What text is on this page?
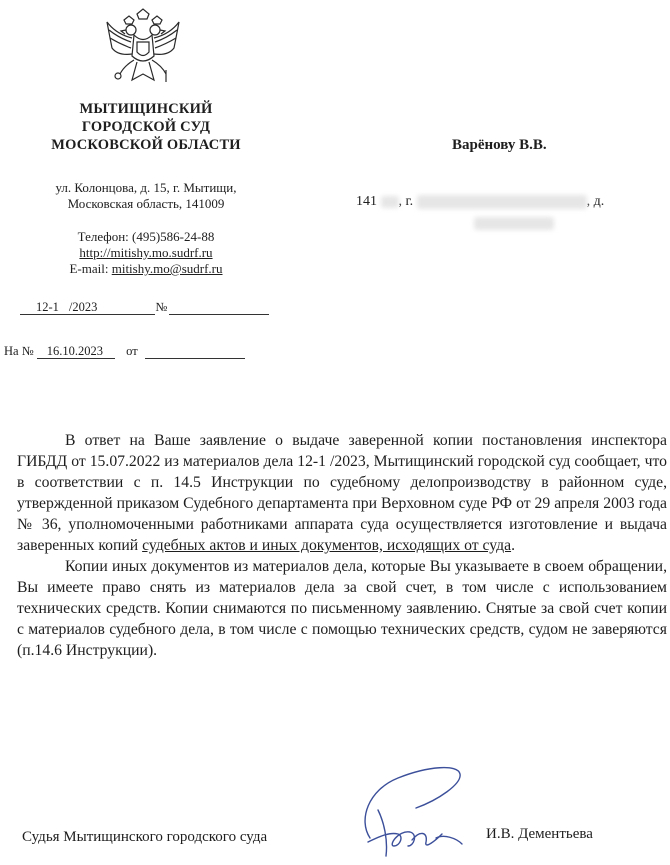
МЫТИЩИНСКИЙ
ГОРОДСКОЙ СУД
МОСКОВСКОЙ ОБЛАСТИ
ул. Колонцова, д. 15, г. Мытищи,
Московская область, 141009
Телефон: (495)586-24-88
http://mitishy.mo.sudrf.ru
E-mail: mitishy.mo@sudrf.ru
12-1 /2023	№
На № 16.10.2023 от
Варёнову В.В.
141 , г.	, д.

В ответ на Ваше заявление о выдаче заверенной копии постановления инспектора ГИБДД от 15.07.2022 из материалов дела 12-1 /2023, Мытищинский городской суд сообщает, что в соответствии с п. 14.5 Инструкции по судебному делопроизводству в районном суде, утвержденной приказом Судебного департамента при Верховном суде РФ от 29 апреля 2003 года № 36, уполномоченными работниками аппарата суда осуществляется изготовление и выдача заверенных копий судебных актов и иных документов, исходящих от суда.

Копии иных документов из материалов дела, которые Вы указываете в своем обращении, Вы имеете право снять из материалов дела за свой счет, в том числе с использованием технических средств. Копии снимаются по письменному заявлению. Снятые за свой счет копии с материалов судебного дела, в том числе с помощью технических средств, судом не заверяются (п.14.6 Инструкции).

Судья Мытищинского городского суда	И.В. Дементьева
